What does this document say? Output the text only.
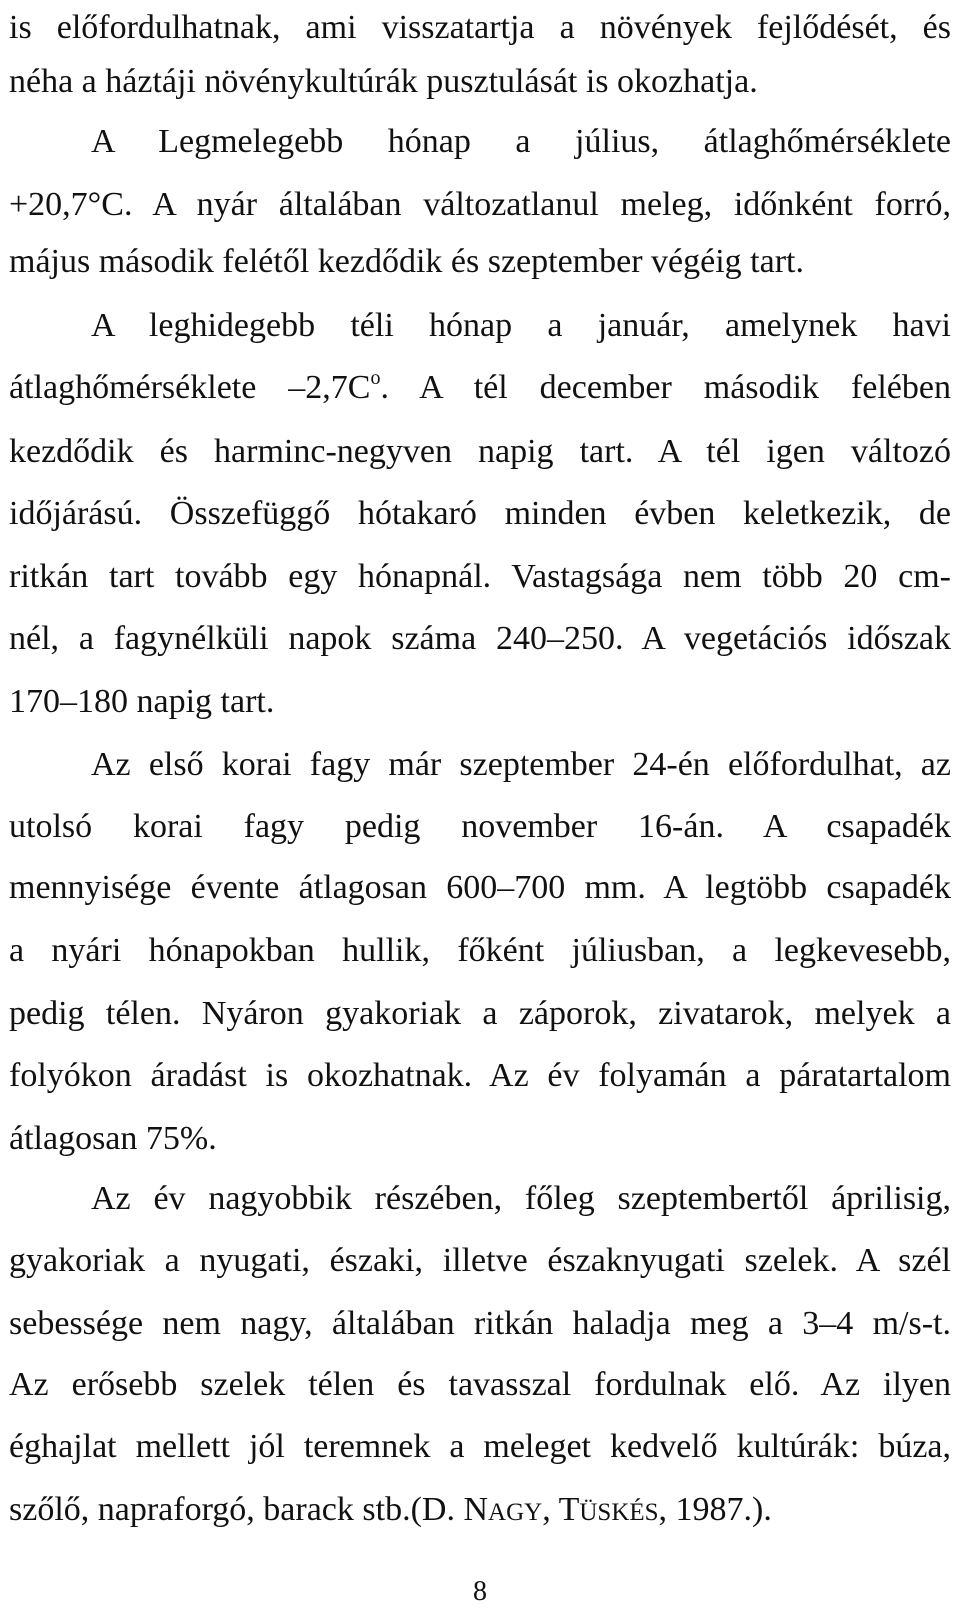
is előfordulhatnak, ami visszatartja a növények fejlődését, és
néha a háztáji növénykultúrák pusztulását is okozhatja.
A Legmelegebb hónap a július, átlaghőmérséklete
+20,7°C. A nyár általában változatlanul meleg, időnként forró,
május második felétől kezdődik és szeptember végéig tart.
A leghidegebb téli hónap a január, amelynek havi
átlaghőmérséklete $-2,7C^o$. A tél december második felében
kezdődik és harminc-negyven napig tart. A tél igen változó
időjárású. Összefüggő hótakaró minden évben keletkezik, de
ritkán tart tovább egy hónapnál. Vastagsága nem több 20 cm-
nél, a fagynélküli napok száma 240–250. A vegetációs időszak
170–180 napig tart.
Az első korai fagy már szeptember 24-én előfordulhat, az
utolsó korai fagy pedig november 16-án. A csapadék
mennyisége évente átlagosan 600–700 mm. A legtöbb csapadék
a nyári hónapokban hullik, főként júliusban, a legkevesebb,
pedig télen. Nyáron gyakoriak a záporok, zivatarok, melyek a
folyókon áradást is okozhatnak. Az év folyamán a páratartalom
átlagosan 75%.
Az év nagyobbik részében, főleg szeptembertől áprilisig,
gyakoriak a nyugati, északi, illetve északnyugati szelek. A szél
sebessége nem nagy, általában ritkán haladja meg a 3–4 m/s-t.
Az erősebb szelek télen és tavasszal fordulnak elő. Az ilyen
éghajlat mellett jól teremnek a meleget kedvelő kultúrák: búza,
szőlő, napraforgó, barack stb.(D. NAGY, TÜSKÉS, 1987.).
8
